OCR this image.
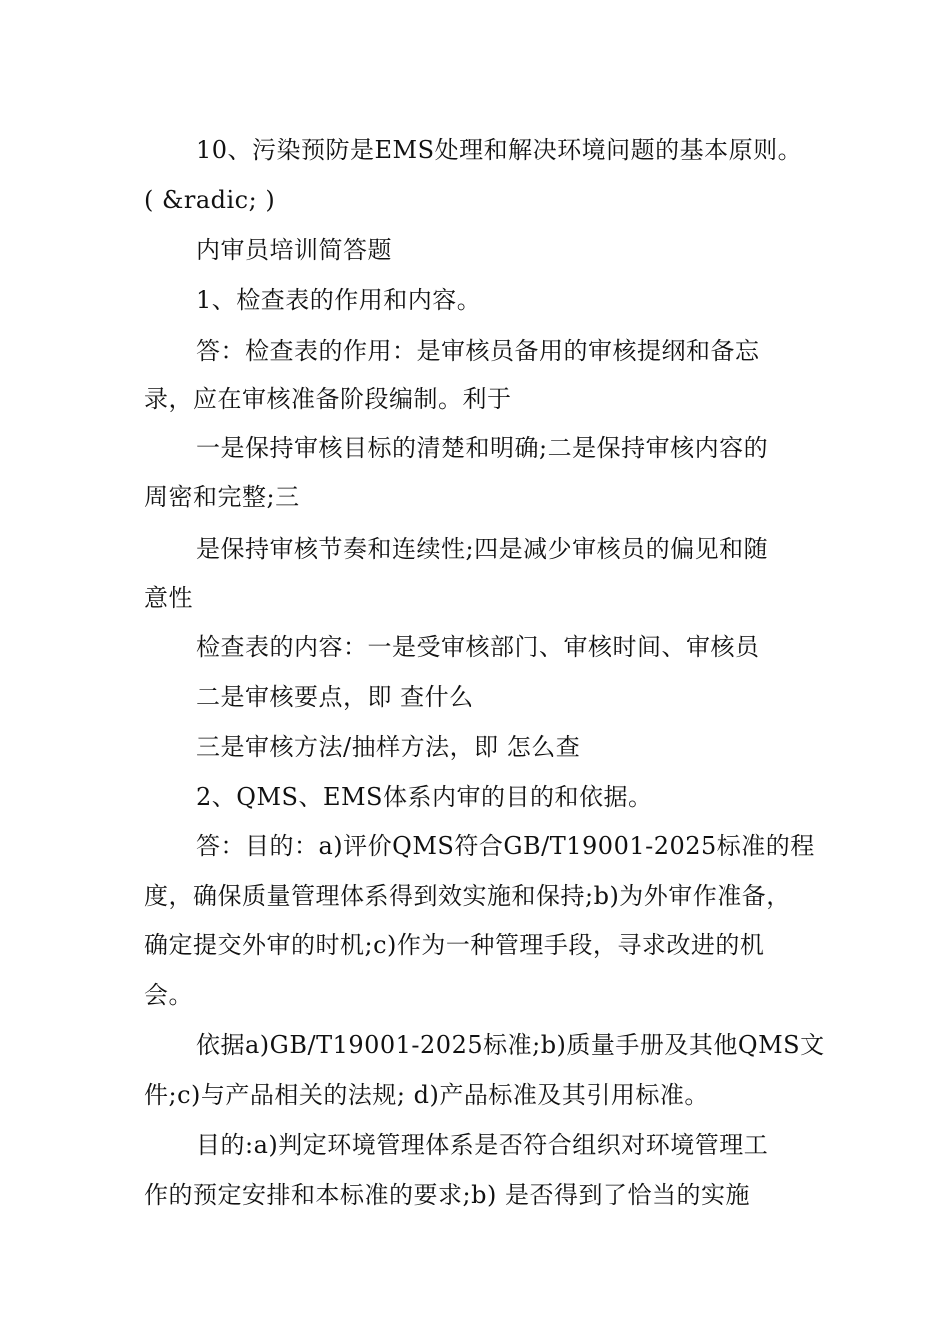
10、污染预防是EMS处理和解决环境问题的基本原则。
( &radic; )
内审员培训简答题
1、检查表的作用和内容。
答：检查表的作用：是审核员备用的审核提纲和备忘
录，应在审核准备阶段编制。利于
一是保持审核目标的清楚和明确;二是保持审核内容的
周密和完整;三
是保持审核节奏和连续性;四是减少审核员的偏见和随
意性
检查表的内容：一是受审核部门、审核时间、审核员
二是审核要点，即 查什么
三是审核方法/抽样方法，即 怎么查
2、QMS、EMS体系内审的目的和依据。
答：目的：a)评价QMS符合GB/T19001-2025标准的程
度，确保质量管理体系得到效实施和保持;b)为外审作准备，
确定提交外审的时机;c)作为一种管理手段，寻求改进的机
会。
依据a)GB/T19001-2025标准;b)质量手册及其他QMS文
件;c)与产品相关的法规; d)产品标准及其引用标准。
目的:a)判定环境管理体系是否符合组织对环境管理工
作的预定安排和本标准的要求;b) 是否得到了恰当的实施
